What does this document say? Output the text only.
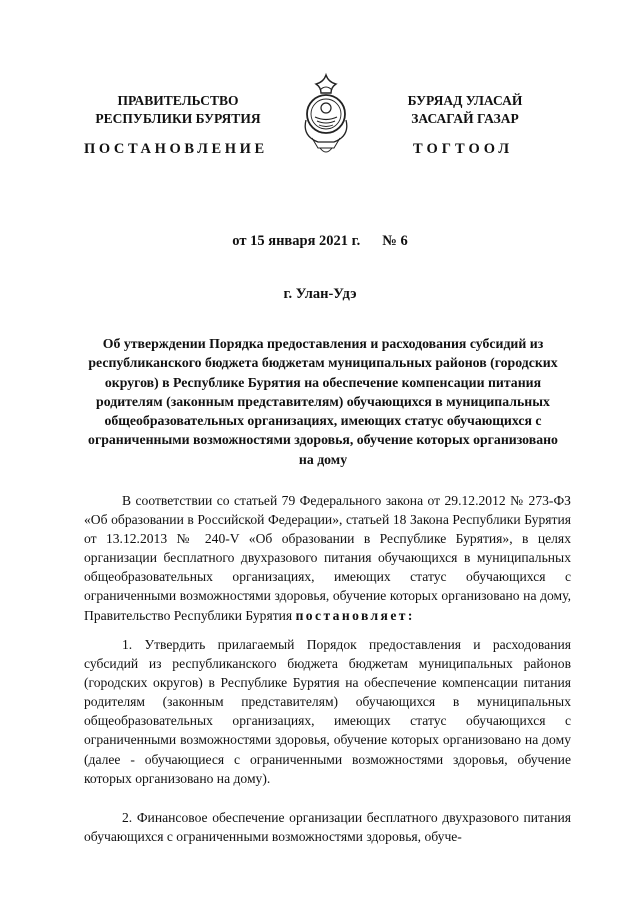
ПРАВИТЕЛЬСТВО
РЕСПУБЛИКИ БУРЯТИЯ
БУРЯАД УЛАСАЙ
ЗАСАГАЙ ГАЗАР
ПОСТАНОВЛЕНИЕ	ТОГТООЛ
от 15 января 2021 г. № 6
г. Улан-Удэ
Об утверждении Порядка предоставления и расходования субсидий из республиканского бюджета бюджетам муниципальных районов (городских округов) в Республике Бурятия на обеспечение компенсации питания родителям (законным представителям) обучающихся в муниципальных общеобразовательных организациях, имеющих статус обучающихся с ограниченными возможностями здоровья, обучение которых организовано на дому
В соответствии со статьей 79 Федерального закона от 29.12.2012 № 273-ФЗ «Об образовании в Российской Федерации», статьей 18 Закона Республики Бурятия от 13.12.2013 № 240-V «Об образовании в Республике Бурятия», в целях организации бесплатного двухразового питания обучающихся в муниципальных общеобразовательных организациях, имеющих статус обучающихся с ограниченными возможностями здоровья, обучение которых организовано на дому, Правительство Республики Бурятия постановляет:
1. Утвердить прилагаемый Порядок предоставления и расходования субсидий из республиканского бюджета бюджетам муниципальных районов (городских округов) в Республике Бурятия на обеспечение компенсации питания родителям (законным представителям) обучающихся в муниципальных общеобразовательных организациях, имеющих статус обучающихся с ограниченными возможностями здоровья, обучение которых организовано на дому (далее - обучающиеся с ограниченными возможностями здоровья, обучение которых организовано на дому).
2. Финансовое обеспечение организации бесплатного двухразового питания обучающихся с ограниченными возможностями здоровья, обуче-
